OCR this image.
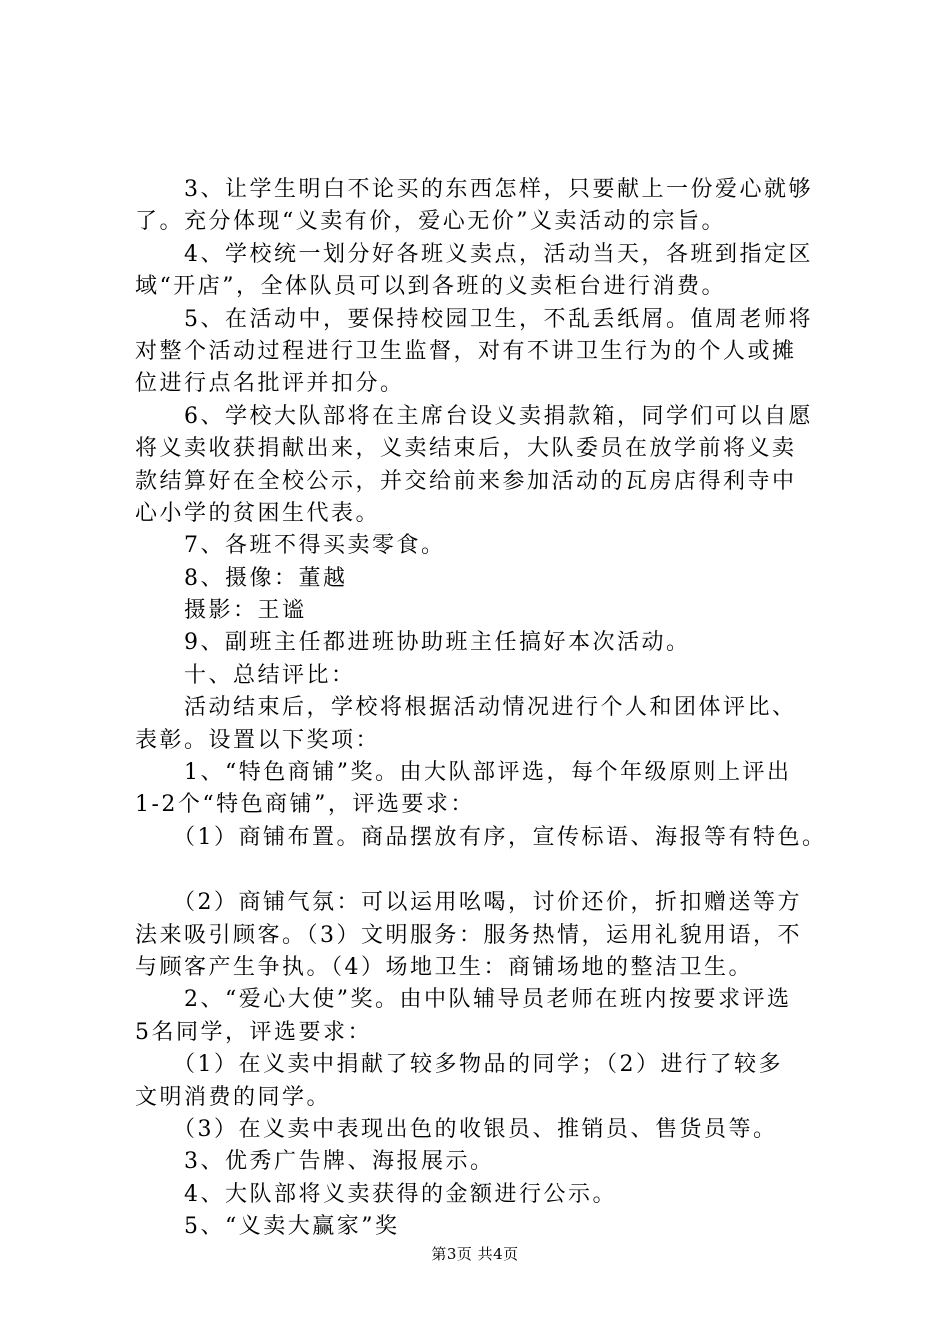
　　3、让学生明白不论买的东西怎样，只要献上一份爱心就够
了。充分体现“义卖有价，爱心无价”义卖活动的宗旨。
　　4、学校统一划分好各班义卖点，活动当天，各班到指定区
域“开店”，全体队员可以到各班的义卖柜台进行消费。
　　5、在活动中，要保持校园卫生，不乱丢纸屑。值周老师将
对整个活动过程进行卫生监督，对有不讲卫生行为的个人或摊
位进行点名批评并扣分。
　　6、学校大队部将在主席台设义卖捐款箱，同学们可以自愿
将义卖收获捐献出来，义卖结束后，大队委员在放学前将义卖
款结算好在全校公示，并交给前来参加活动的瓦房店得利寺中
心小学的贫困生代表。
　　7、各班不得买卖零食。
　　8、摄像：董越
　　摄影：王谧
　　9、副班主任都进班协助班主任搞好本次活动。
　　十、总结评比：
　　活动结束后，学校将根据活动情况进行个人和团体评比、
表彰。设置以下奖项：
　　1、“特色商铺”奖。由大队部评选，每个年级原则上评出
1-2个“特色商铺”，评选要求：
　　（1）商铺布置。商品摆放有序，宣传标语、海报等有特色。
　　（2）商铺气氛：可以运用吆喝，讨价还价，折扣赠送等方
法来吸引顾客。（3）文明服务：服务热情，运用礼貌用语，不
与顾客产生争执。（4）场地卫生：商铺场地的整洁卫生。
　　2、“爱心大使”奖。由中队辅导员老师在班内按要求评选
5名同学，评选要求：
　　（1）在义卖中捐献了较多物品的同学；（2）进行了较多
文明消费的同学。
　　（3）在义卖中表现出色的收银员、推销员、售货员等。
　　3、优秀广告牌、海报展示。
　　4、大队部将义卖获得的金额进行公示。
　　5、“义卖大赢家”奖
第3页 共4页
